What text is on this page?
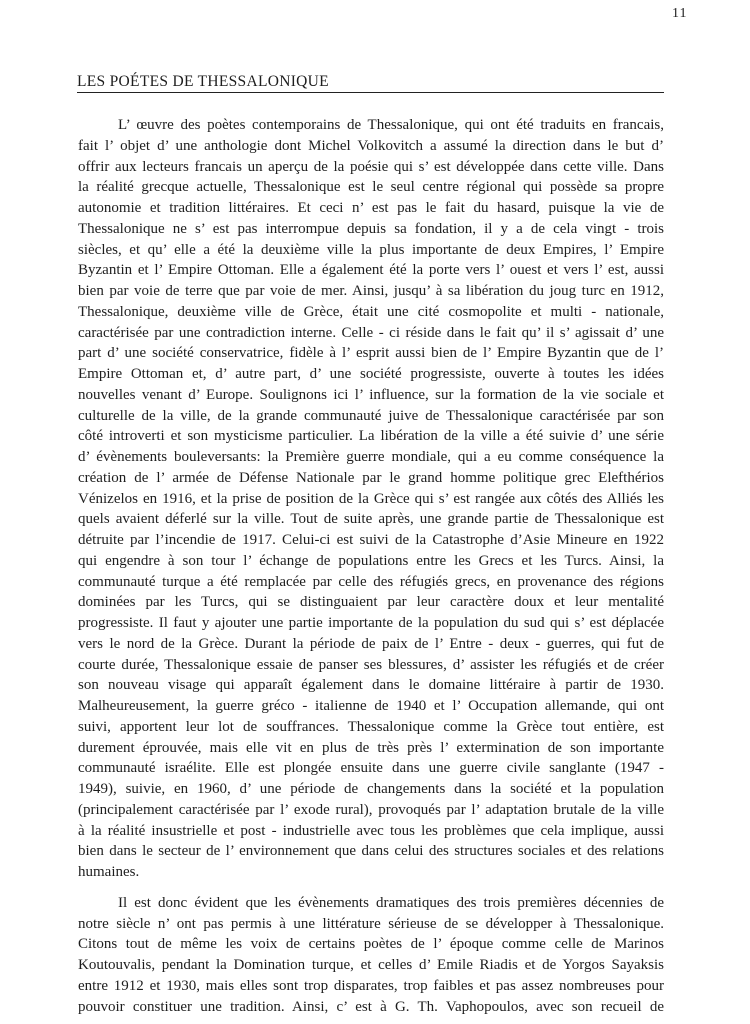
11
LES POÉTES DE THESSALONIQUE
L’ œuvre des poètes contemporains de Thessalonique, qui ont été traduits en francais,
fait l’ objet d’ une anthologie dont Michel Volkovitch a assumé la direction dans le but d’
offrir aux lecteurs francais un aperçu de la poésie qui s’ est développée dans cette ville. Dans
la réalité grecque actuelle, Thessalonique est le seul centre régional qui possède sa propre
autonomie et tradition littéraires. Et ceci n’ est pas le fait du hasard, puisque la vie de
Thessalonique ne s’ est pas interrompue depuis sa fondation, il y a de cela vingt - trois
siècles, et qu’ elle a été la deuxième ville la plus importante de deux Empires, l’ Empire
Byzantin et l’ Empire Ottoman. Elle a également été la porte vers l’ ouest et vers l’ est, aussi
bien par voie de terre que par voie de mer. Ainsi, jusqu’ à sa libération du joug turc en 1912,
Thessalonique, deuxième ville de Grèce, était une cité cosmopolite et multi - nationale,
caractérisée par une contradiction interne. Celle - ci réside dans le fait qu’ il s’ agissait d’ une
part d’ une société conservatrice, fidèle à l’ esprit aussi bien de l’ Empire Byzantin que de l’
Empire Ottoman et, d’ autre part, d’ une société progressiste, ouverte à toutes les idées
nouvelles venant d’ Europe. Soulignons ici l’ influence, sur la formation de la vie sociale et
culturelle de la ville, de la grande communauté juive de Thessalonique caractérisée par son
côté introverti et son mysticisme particulier. La libération de la ville a été suivie d’ une série
d’ évènements bouleversants: la Première guerre mondiale, qui a eu comme conséquence la
création de l’ armée de Défense Nationale par le grand homme politique grec Elefthérios
Vénizelos en 1916, et la prise de position de la Grèce qui s’ est rangée aux côtés des Alliés les
quels avaient déferlé sur la ville. Tout de suite après, une grande partie de Thessalonique est
détruite par l’incendie de 1917. Celui-ci est suivi de la Catastrophe d’Asie Mineure en 1922
qui engendre à son tour l’ échange de populations entre les Grecs et les Turcs. Ainsi, la
communauté turque a été remplacée par celle des réfugiés grecs, en provenance des régions
dominées par les Turcs, qui se distinguaient par leur caractère doux et leur mentalité
progressiste. Il faut y ajouter une partie importante de la population du sud qui s’ est déplacée
vers le nord de la Grèce. Durant la période de paix de l’ Entre - deux - guerres, qui fut de
courte durée, Thessalonique essaie de panser ses blessures, d’ assister les réfugiés et de créer
son nouveau visage qui apparaît également dans le domaine littéraire à partir de 1930.
Malheureusement, la guerre gréco - italienne de 1940 et l’ Occupation allemande, qui ont
suivi, apportent leur lot de souffrances. Thessalonique comme la Grèce tout entière, est
durement éprouvée, mais elle vit en plus de très près l’ extermination de son importante
communauté israélite. Elle est plongée ensuite dans une guerre civile sanglante (1947 -
1949), suivie, en 1960, d’ une période de changements dans la société et la population
(principalement caractérisée par l’ exode rural), provoqués par l’ adaptation brutale de la ville
à la réalité insustrielle et post - industrielle avec tous les problèmes que cela implique, aussi
bien dans le secteur de l’ environnement que dans celui des structures sociales et des relations
humaines.
Il est donc évident que les évènements dramatiques des trois premières décennies de
notre siècle n’ ont pas permis à une littérature sérieuse de se développer à Thessalonique.
Citons tout de même les voix de certains poètes de l’ époque comme celle de Marinos
Koutouvalis, pendant la Domination turque, et celles d’ Emile Riadis et de Yorgos Sayaksis
entre 1912 et 1930, mais elles sont trop disparates, trop faibles et pas assez nombreuses pour
pouvoir constituer une tradition. Ainsi, c’ est à G. Th. Vaphopoulos, avec son recueil de
